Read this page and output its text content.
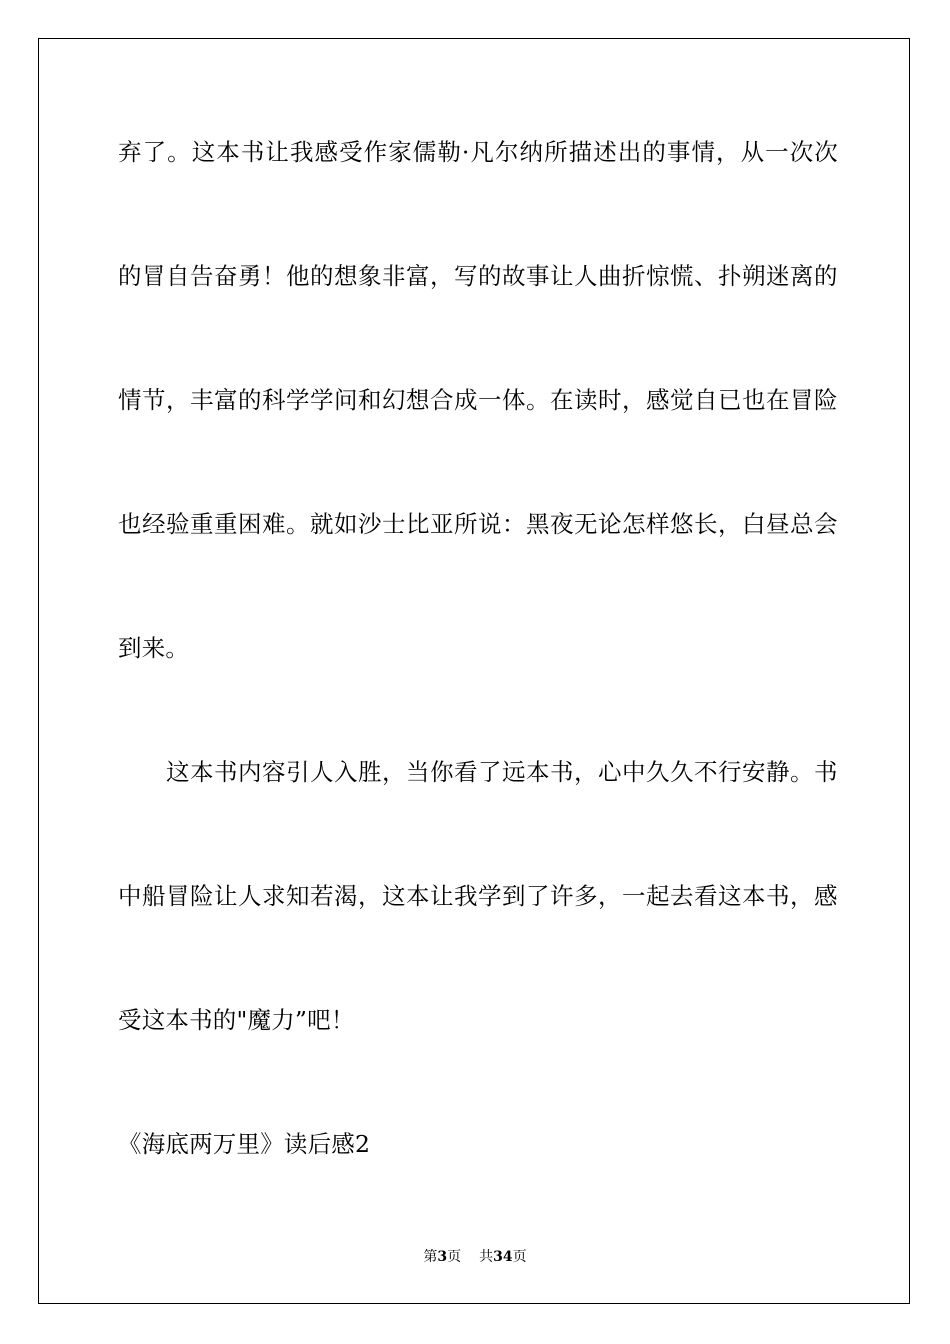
弃 了 。 这 本 书 让 我 感 受 作 家 儒 勒 · 凡 尔 纳 所 描 述 出 的 事 情 ， 从 一 次 次
的 冒 自 告 奋 勇 ！ 他 的 想 象 非 富 ， 写 的 故 事 让 人 曲 折 惊 慌 、 扑 朔 迷 离 的
情 节 ， 丰 富 的 科 学 学 问 和 幻 想 合 成 一 体 。 在 读 时 ， 感 觉 自 已 也 在 冒 险
也 经 验 重 重 困 难 。 就 如 沙 士 比 亚 所 说 ： 黑 夜 无 论 怎 样 悠 长 ， 白 昼 总 会
到来。

这 本 书 内 容 引 人 入 胜 ， 当 你 看 了 远 本 书 ， 心 中 久 久 不 行 安 静 。 书
中 船 冒 险 让 人 求 知 若 渴 ， 这 本 让 我 学 到 了 许 多 ， 一 起 去 看 这 本 书 ， 感
受这本书的"魔力”吧！
《海底两万里》读后感2
第3页 共34页
